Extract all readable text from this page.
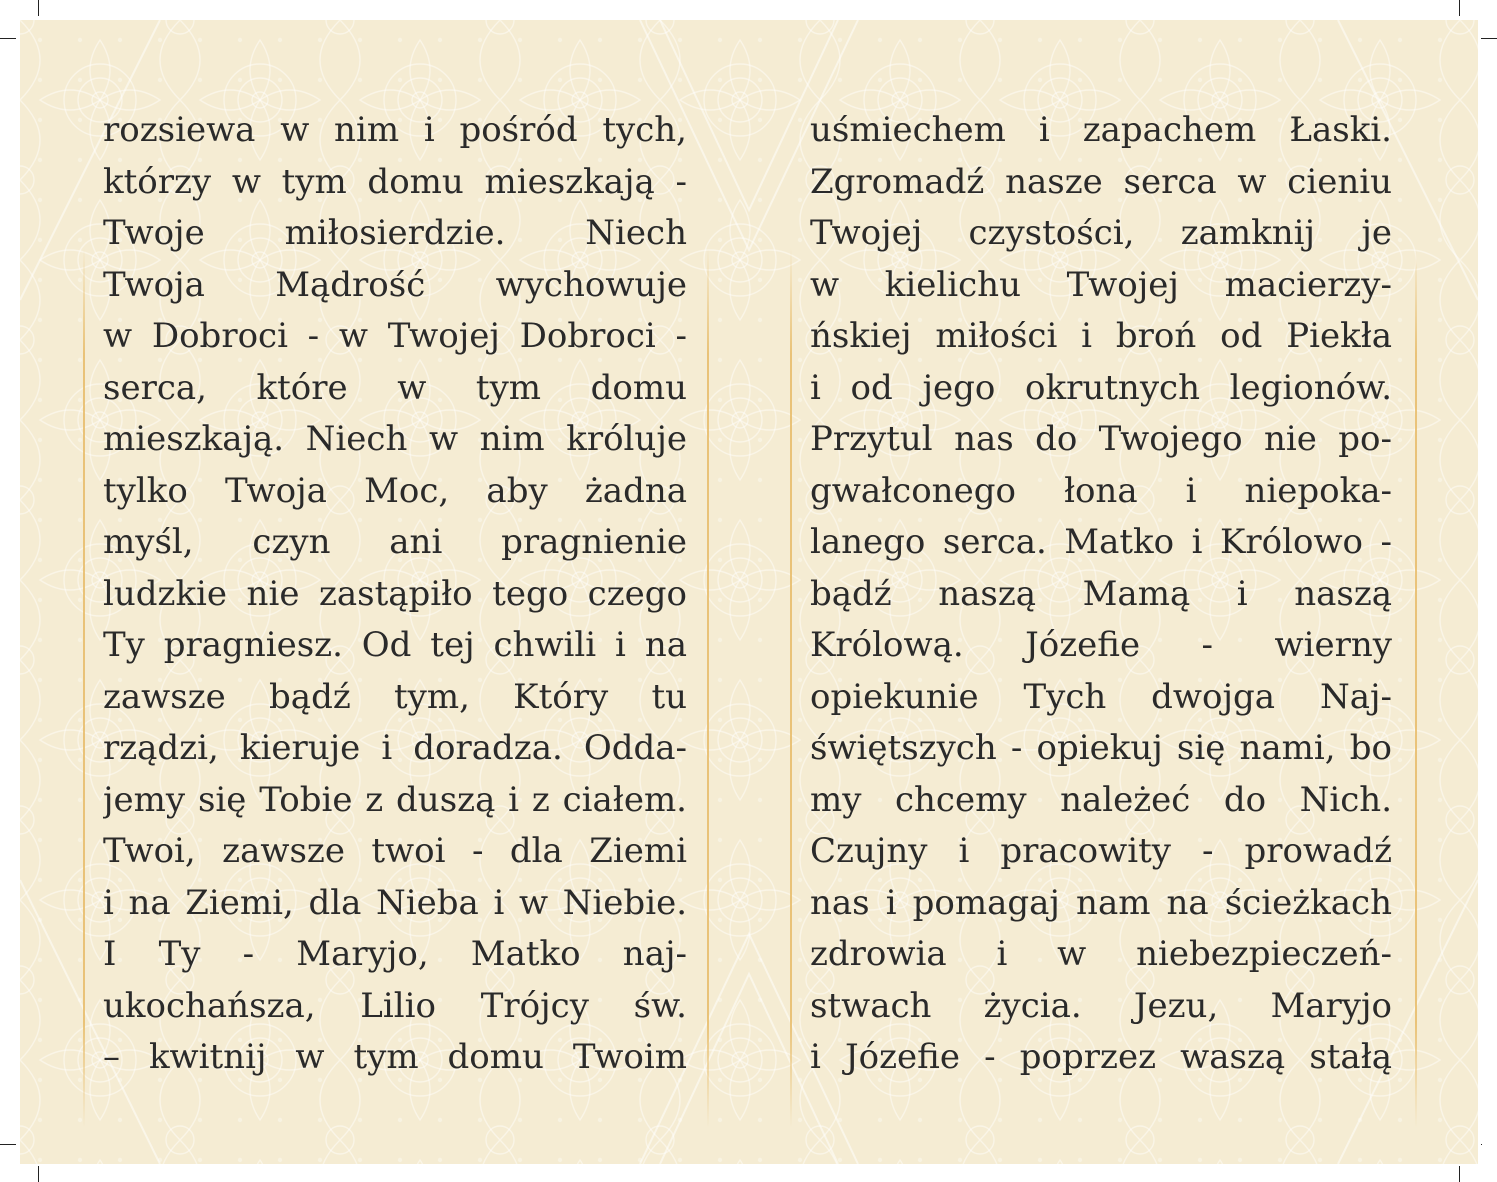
rozsiewa w nim i pośród tych,
którzy w tym domu mieszkają -
Twoje miłosierdzie. Niech
Twoja Mądrość wychowuje
w Dobroci - w Twojej Dobroci -
serca, które w tym domu
mieszkają. Niech w nim króluje
tylko Twoja Moc, aby żadna
myśl, czyn ani pragnienie
ludzkie nie zastąpiło tego czego
Ty pragniesz. Od tej chwili i na
zawsze bądź tym, Który tu
rządzi, kieruje i doradza. Odda-
jemy się Tobie z duszą i z ciałem.
Twoi, zawsze twoi - dla Ziemi
i na Ziemi, dla Nieba i w Niebie.
I Ty - Maryjo, Matko naj-
ukochańsza, Lilio Trójcy św.
– kwitnij w tym domu Twoim
uśmiechem i zapachem Łaski.
Zgromadź nasze serca w cieniu
Twojej czystości, zamknij je
w kielichu Twojej macierzy-
ńskiej miłości i broń od Piekła
i od jego okrutnych legionów.
Przytul nas do Twojego nie po-
gwałconego łona i niepoka-
lanego serca. Matko i Królowo -
bądź naszą Mamą i naszą
Królową. Józefie - wierny
opiekunie Tych dwojga Naj-
świętszych - opiekuj się nami, bo
my chcemy należeć do Nich.
Czujny i pracowity - prowadź
nas i pomagaj nam na ścieżkach
zdrowia i w niebezpieczeń-
stwach życia. Jezu, Maryjo
i Józefie - poprzez waszą stałą
